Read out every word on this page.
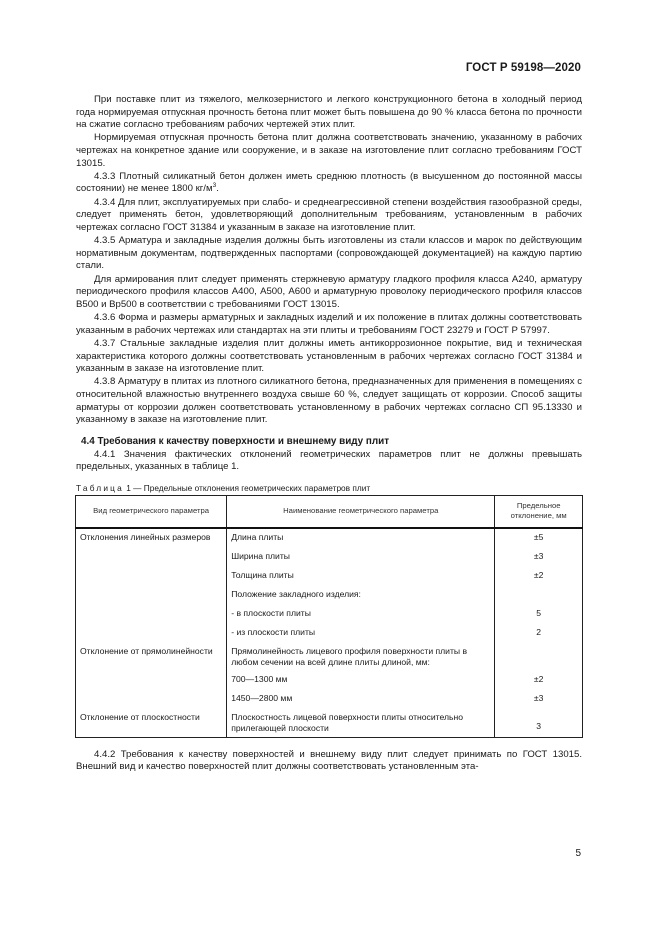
ГОСТ Р 59198—2020

При поставке плит из тяжелого, мелкозернистого и легкого конструкционного бетона в холодный период года нормируемая отпускная прочность бетона плит может быть повышена до 90 % класса бетона по прочности на сжатие согласно требованиям рабочих чертежей этих плит.

Нормируемая отпускная прочность бетона плит должна соответствовать значению, указанному в рабочих чертежах на конкретное здание или сооружение, и в заказе на изготовление плит согласно требованиям ГОСТ 13015.

4.3.3 Плотный силикатный бетон должен иметь среднюю плотность (в высушенном до постоянной массы состоянии) не менее 1800 $кг/м^3$.

4.3.4 Для плит, эксплуатируемых при слабо- и среднеагрессивной степени воздействия газообразной среды, следует применять бетон, удовлетворяющий дополнительным требованиям, установленным в рабочих чертежах согласно ГОСТ 31384 и указанным в заказе на изготовление плит.

4.3.5 Арматура и закладные изделия должны быть изготовлены из стали классов и марок по действующим нормативным документам, подтвержденных паспортами (сопровождающей документацией) на каждую партию стали.

Для армирования плит следует применять стержневую арматуру гладкого профиля класса А240, арматуру периодического профиля классов А400, А500, А600 и арматурную проволоку периодического профиля классов В500 и Вр500 в соответствии с требованиями ГОСТ 13015.

4.3.6 Форма и размеры арматурных и закладных изделий и их положение в плитах должны соответствовать указанным в рабочих чертежах или стандартах на эти плиты и требованиям ГОСТ 23279 и ГОСТ Р 57997.

4.3.7 Стальные закладные изделия плит должны иметь антикоррозионное покрытие, вид и техническая характеристика которого должны соответствовать установленным в рабочих чертежах согласно ГОСТ 31384 и указанным в заказе на изготовление плит.

4.3.8 Арматуру в плитах из плотного силикатного бетона, предназначенных для применения в помещениях с относительной влажностью внутреннего воздуха свыше 60 %, следует защищать от коррозии. Способ защиты арматуры от коррозии должен соответствовать установленному в рабочих чертежах согласно СП 95.13330 и указанному в заказе на изготовление плит.

4.4 Требования к качеству поверхности и внешнему виду плит

4.4.1 Значения фактических отклонений геометрических параметров плит не должны превышать предельных, указанных в таблице 1.

Таблица 1 — Предельные отклонения геометрических параметров плит

Вид геометрического параметра	Наименование геометрического параметра	Предельное отклонение, мм
Отклонения линейных размеров	Длина плиты	±5
	Ширина плиты	±3
	Толщина плиты	±2
	Положение закладного изделия:	
	- в плоскости плиты	5
	- из плоскости плиты	2
Отклонение от прямолинейности	Прямолинейность лицевого профиля поверхности плиты в любом сечении на всей длине плиты длиной, мм:	
	700—1300 мм	±2
	1450—2800 мм	±3
Отклонение от плоскостности	Плоскостность лицевой поверхности плиты относительно прилегающей плоскости	3

4.4.2 Требования к качеству поверхностей и внешнему виду плит следует принимать по ГОСТ 13015. Внешний вид и качество поверхностей плит должны соответствовать установленным эта-

5
